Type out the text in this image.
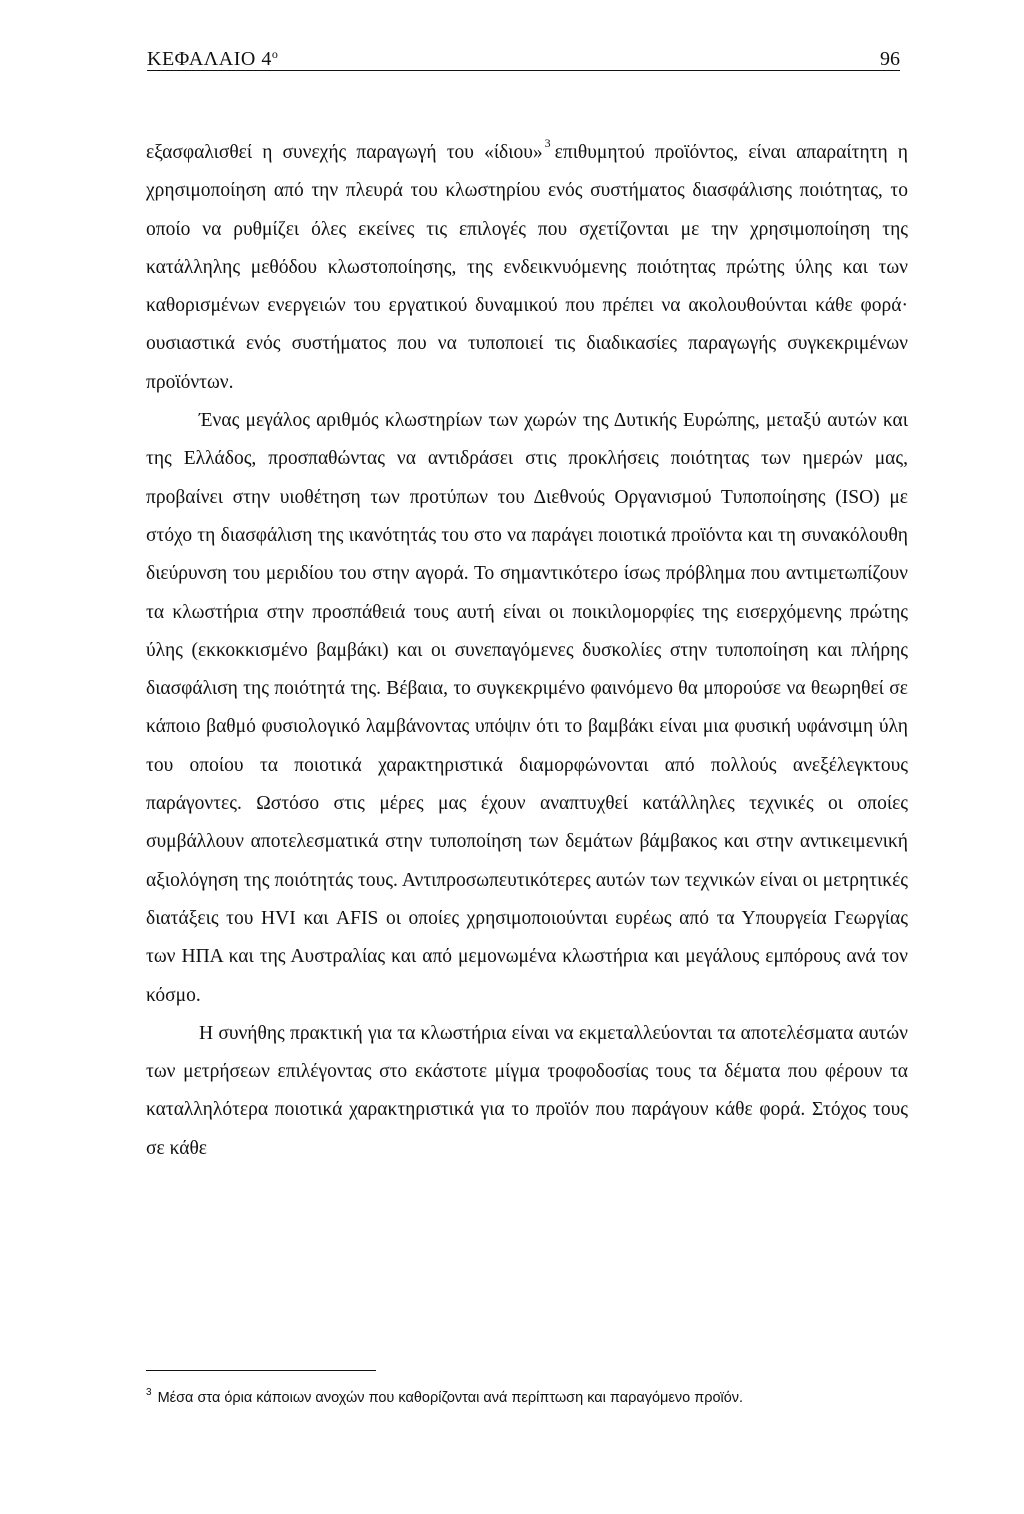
ΚΕΦΑΛΑΙΟ $4^o$	96

εξασφαλισθεί η συνεχής παραγωγή του «ίδιου» $^3$ επιθυμητού προϊόντος, είναι απαραίτητη η χρησιμοποίηση από την πλευρά του κλωστηρίου ενός συστήματος διασφάλισης ποιότητας, το οποίο να ρυθμίζει όλες εκείνες τις επιλογές που σχετίζονται με την χρησιμοποίηση της κατάλληλης μεθόδου κλωστοποίησης, της ενδεικνυόμενης ποιότητας πρώτης ύλης και των καθορισμένων ενεργειών του εργατικού δυναμικού που πρέπει να ακολουθούνται κάθε φορά· ουσιαστικά ενός συστήματος που να τυποποιεί τις διαδικασίες παραγωγής συγκεκριμένων προϊόντων.

Ένας μεγάλος αριθμός κλωστηρίων των χωρών της Δυτικής Ευρώπης, μεταξύ αυτών και της Ελλάδος, προσπαθώντας να αντιδράσει στις προκλήσεις ποιότητας των ημερών μας, προβαίνει στην υιοθέτηση των προτύπων του Διεθνούς Οργανισμού Τυποποίησης (ISO) με στόχο τη διασφάλιση της ικανότητάς του στο να παράγει ποιοτικά προϊόντα και τη συνακόλουθη διεύρυνση του μεριδίου του στην αγορά. Το σημαντικότερο ίσως πρόβλημα που αντιμετωπίζουν τα κλωστήρια στην προσπάθειά τους αυτή είναι οι ποικιλομορφίες της εισερχόμενης πρώτης ύλης (εκκοκκισμένο βαμβάκι) και οι συνεπαγόμενες δυσκολίες στην τυποποίηση και πλήρης διασφάλιση της ποιότητά της. Βέβαια, το συγκεκριμένο φαινόμενο θα μπορούσε να θεωρηθεί σε κάποιο βαθμό φυσιολογικό λαμβάνοντας υπόψιν ότι το βαμβάκι είναι μια φυσική υφάνσιμη ύλη του οποίου τα ποιοτικά χαρακτηριστικά διαμορφώνονται από πολλούς ανεξέλεγκτους παράγοντες. Ωστόσο στις μέρες μας έχουν αναπτυχθεί κατάλληλες τεχνικές οι οποίες συμβάλλουν αποτελεσματικά στην τυποποίηση των δεμάτων βάμβακος και στην αντικειμενική αξιολόγηση της ποιότητάς τους. Αντιπροσωπευτικότερες αυτών των τεχνικών είναι οι μετρητικές διατάξεις του HVI και AFIS οι οποίες χρησιμοποιούνται ευρέως από τα Υπουργεία Γεωργίας των ΗΠΑ και της Αυστραλίας και από μεμονωμένα κλωστήρια και μεγάλους εμπόρους ανά τον κόσμο.

Η συνήθης πρακτική για τα κλωστήρια είναι να εκμεταλλεύονται τα αποτελέσματα αυτών των μετρήσεων επιλέγοντας στο εκάστοτε μίγμα τροφοδοσίας τους τα δέματα που φέρουν τα καταλληλότερα ποιοτικά χαρακτηριστικά για το προϊόν που παράγουν κάθε φορά. Στόχος τους σε κάθε

$^3$ Μέσα στα όρια κάποιων ανοχών που καθορίζονται ανά περίπτωση και παραγόμενο προϊόν.
